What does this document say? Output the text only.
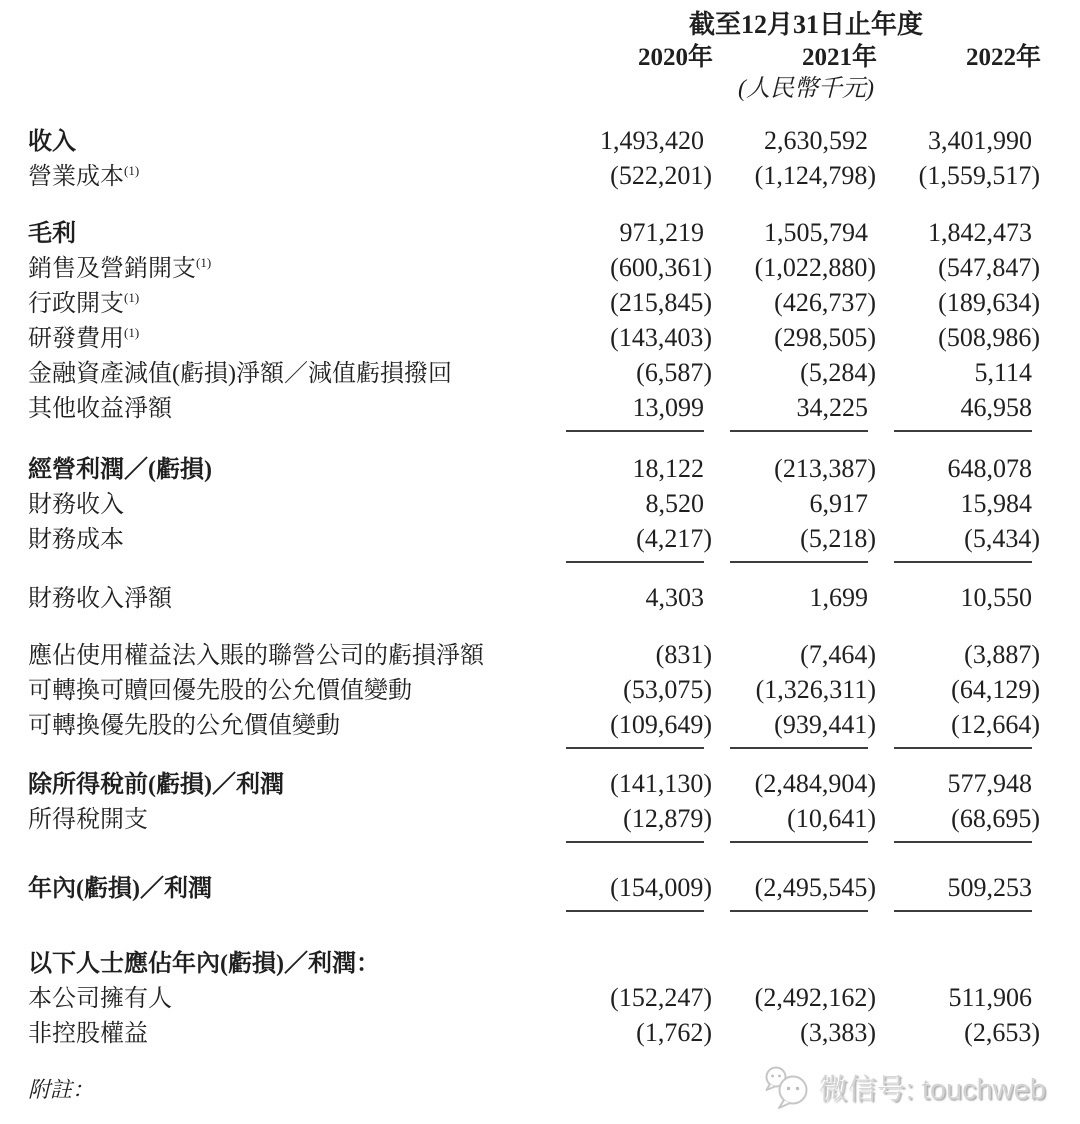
截至12月31日止年度
2020年	2021年	2022年
(人民幣千元)
收入	1,493,420	2,630,592	3,401,990
營業成本$^{(1)}$	(522,201)	(1,124,798)	(1,559,517)
毛利	971,219	1,505,794	1,842,473
銷售及營銷開支$^{(1)}$	(600,361)	(1,022,880)	(547,847)
行政開支$^{(1)}$	(215,845)	(426,737)	(189,634)
研發費用$^{(1)}$	(143,403)	(298,505)	(508,986)
金融資產減值(虧損)淨額／減值虧損撥回	(6,587)	(5,284)	5,114
其他收益淨額	13,099	34,225	46,958
經營利潤／(虧損)	18,122	(213,387)	648,078
財務收入	8,520	6,917	15,984
財務成本	(4,217)	(5,218)	(5,434)
財務收入淨額	4,303	1,699	10,550
應佔使用權益法入賬的聯營公司的虧損淨額	(831)	(7,464)	(3,887)
可轉換可贖回優先股的公允價值變動	(53,075)	(1,326,311)	(64,129)
可轉換優先股的公允價值變動	(109,649)	(939,441)	(12,664)
除所得稅前(虧損)／利潤	(141,130)	(2,484,904)	577,948
所得稅開支	(12,879)	(10,641)	(68,695)
年內(虧損)／利潤	(154,009)	(2,495,545)	509,253
以下人士應佔年內(虧損)／利潤：
本公司擁有人	(152,247)	(2,492,162)	511,906
非控股權益	(1,762)	(3,383)	(2,653)
附註：	微信号: touchweb
